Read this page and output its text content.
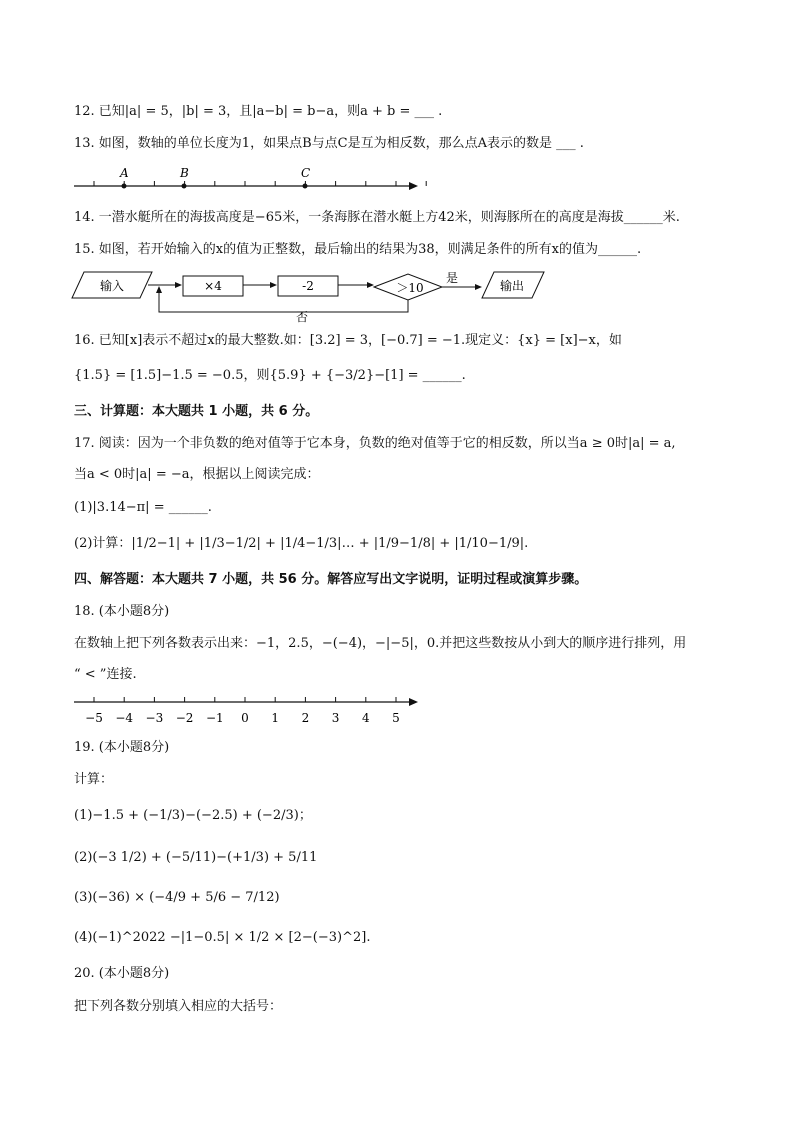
12. 已知|a| = 5，|b| = 3，且|a−b| = b−a，则a + b = ___ .
13. 如图，数轴的单位长度为1，如果点B与点C是互为相反数，那么点A表示的数是 ___ .
A	B	C
14. 一潜水艇所在的海拔高度是−65米，一条海豚在潜水艇上方42米，则海豚所在的高度是海拔______米.
15. 如图，若开始输入的x的值为正整数，最后输出的结果为38，则满足条件的所有x的值为______.
输入	×4	-2	＞10
是
输出
否
16. 已知[x]表示不超过x的最大整数.如：[3.2] = 3，[−0.7] = −1.现定义：{x} = [x]−x，如
{1.5} = [1.5]−1.5 = −0.5，则{5.9} + {−3/2}−[1] = ______.
三、计算题：本大题共 1 小题，共 6 分。
17. 阅读：因为一个非负数的绝对值等于它本身，负数的绝对值等于它的相反数，所以当a ≥ 0时|a| = a,
当a < 0时|a| = −a，根据以上阅读完成：
(1)|3.14−π| = ______.
(2)计算：|1/2−1| + |1/3−1/2| + |1/4−1/3|… + |1/9−1/8| + |1/10−1/9|.
四、解答题：本大题共 7 小题，共 56 分。解答应写出文字说明，证明过程或演算步骤。
18. (本小题8分)
在数轴上把下列各数表示出来：−1，2.5，−(−4)，−|−5|，0.并把这些数按从小到大的顺序进行排列，用
“ < ”连接.
−5 −4 −3 −2 −1 0 1 2 3 4 5
19. (本小题8分)
计算：
(1)−1.5 + (−1/3)−(−2.5) + (−2/3)；
(2)(−3 1/2) + (−5/11)−(+1/3) + 5/11
(3)(−36) × (−4/9 + 5/6 − 7/12)
(4)(−1)^2022 −|1−0.5| × 1/2 × [2−(−3)^2].
20. (本小题8分)
把下列各数分别填入相应的大括号：
